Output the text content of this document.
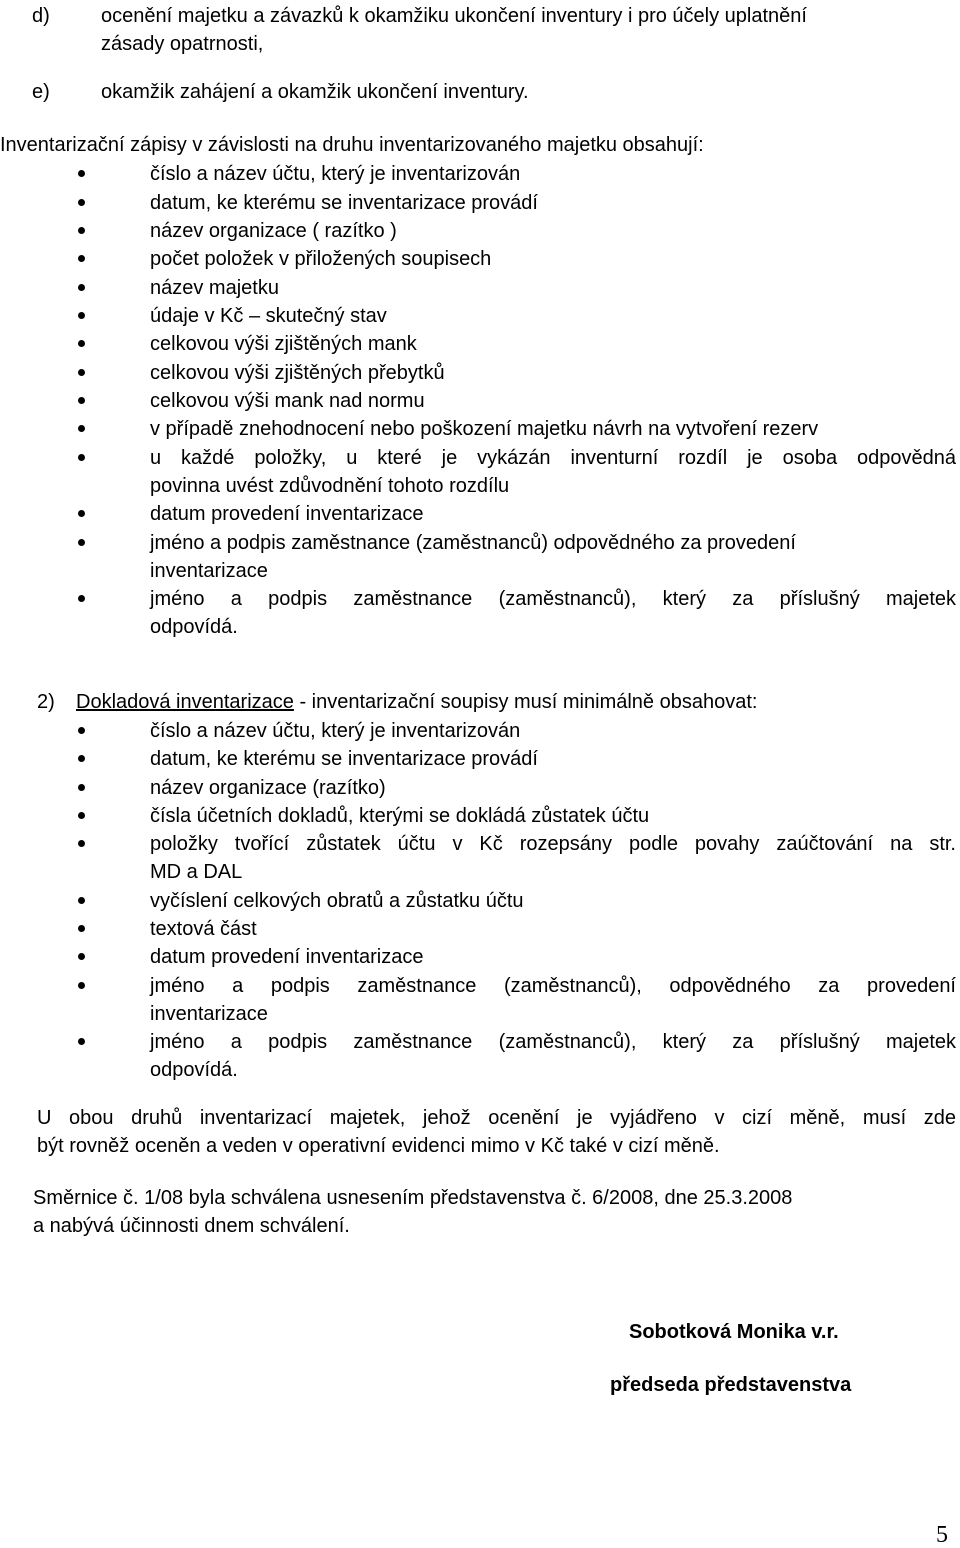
d)	ocenění majetku a závazků k okamžiku ukončení inventury i pro účely uplatnění
zásady opatrnosti,
e)	okamžik zahájení a okamžik ukončení inventury.
Inventarizační zápisy v závislosti na druhu inventarizovaného majetku obsahují:
číslo a název účtu, který je inventarizován
datum, ke kterému se inventarizace provádí
název organizace ( razítko )
počet položek v přiložených soupisech
název majetku
údaje v Kč – skutečný stav
celkovou výši zjištěných mank
celkovou výši zjištěných přebytků
celkovou výši mank nad normu
v případě znehodnocení nebo poškození majetku návrh na vytvoření rezerv
u každé položky, u které je vykázán inventurní rozdíl je osoba odpovědná
povinna uvést zdůvodnění tohoto rozdílu
datum provedení inventarizace
jméno a podpis zaměstnance (zaměstnanců) odpovědného za provedení
inventarizace
jméno a podpis zaměstnance (zaměstnanců), který za příslušný majetek
odpovídá.
2) Dokladová inventarizace - inventarizační soupisy musí minimálně obsahovat:
číslo a název účtu, který je inventarizován
datum, ke kterému se inventarizace provádí
název organizace (razítko)
čísla účetních dokladů, kterými se dokládá zůstatek účtu
položky tvořící zůstatek účtu v Kč rozepsány podle povahy zaúčtování na str.
MD a DAL
vyčíslení celkových obratů a zůstatku účtu
textová část
datum provedení inventarizace
jméno a podpis zaměstnance (zaměstnanců), odpovědného za provedení
inventarizace
jméno a podpis zaměstnance (zaměstnanců), který za příslušný majetek
odpovídá.
U obou druhů inventarizací majetek, jehož ocenění je vyjádřeno v cizí měně, musí zde
být rovněž oceněn a veden v operativní evidenci mimo v Kč také v cizí měně.
Směrnice č. 1/08 byla schválena usnesením představenstva č. 6/2008, dne 25.3.2008
a nabývá účinnosti dnem schválení.
Sobotková Monika v.r.
předseda představenstva
5
